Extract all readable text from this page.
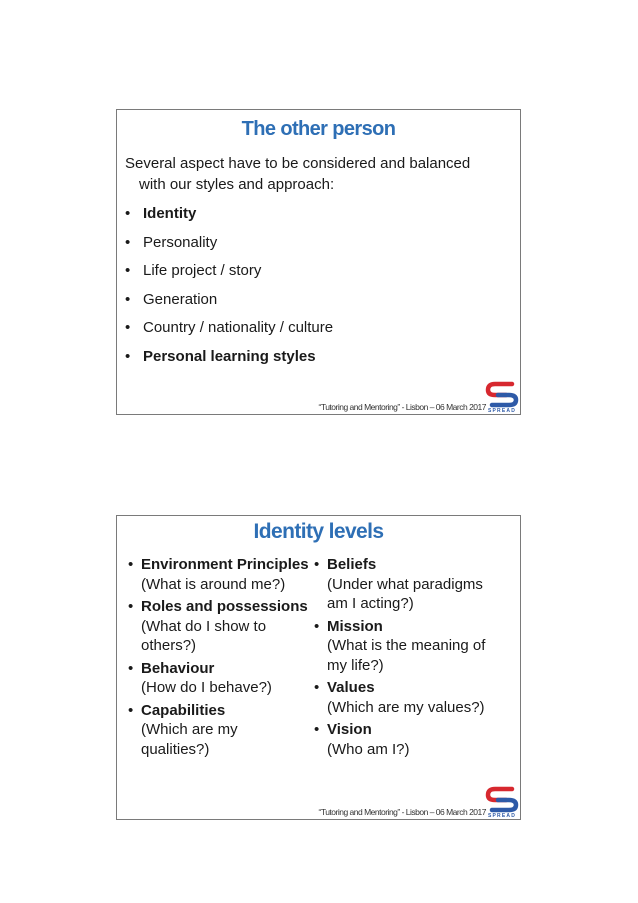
The other person
Several aspect have to be considered and balanced
with our styles and approach:
• Identity
• Personality
• Life project / story
• Generation
• Country / nationality / culture
• Personal learning styles
“Tutoring and Mentoring” - Lisbon – 06 March 2017 SPREAD
Identity levels
• Environment Principles
(What is around me?)
• Roles and possessions
(What do I show to others?)
• Behaviour
(How do I behave?)
• Capabilities
(Which are my qualities?)
• Beliefs
(Under what paradigms am I acting?)
• Mission
(What is the meaning of my life?)
• Values
(Which are my values?)
• Vision
(Who am I?)
“Tutoring and Mentoring” - Lisbon – 06 March 2017 SPREAD
